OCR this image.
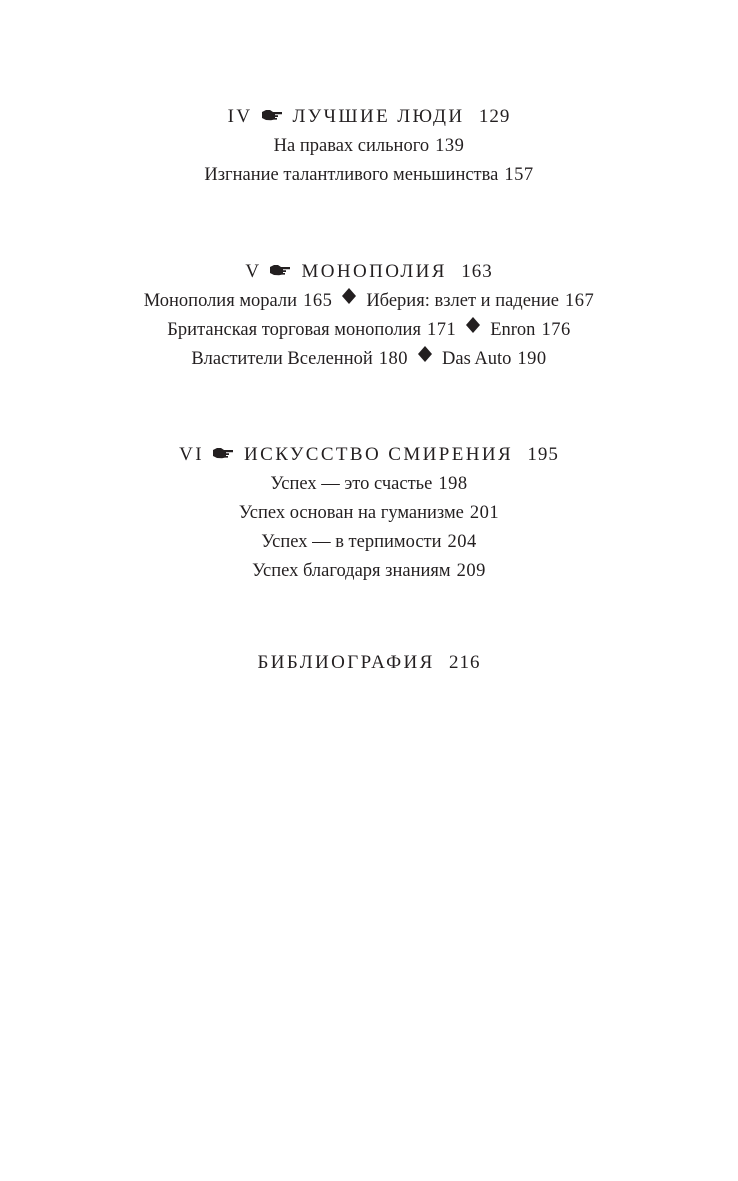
IV ЛУЧШИЕ ЛЮДИ 129
На правах сильного 139
Изгнание талантливого меньшинства 157
V МОНОПОЛИЯ 163
Монополия морали 165 Иберия: взлет и падение 167
Британская торговая монополия 171 Enron 176
Властители Вселенной 180 Das Auto 190
VI ИСКУССТВО СМИРЕНИЯ 195
Успех — это счастье 198
Успех основан на гуманизме 201
Успех — в терпимости 204
Успех благодаря знаниям 209
БИБЛИОГРАФИЯ 216
